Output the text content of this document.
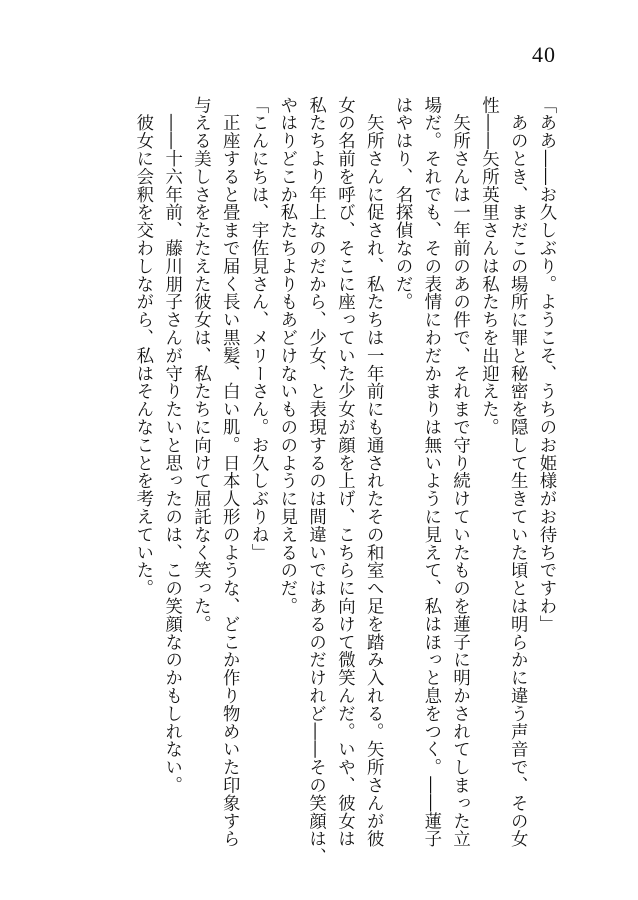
40
「ああ――お久しぶり。ようこそ、うちのお姫様がお待ちですわ」
　あのとき、まだこの場所に罪と秘密を隠して生きていた頃とは明らかに違う声音で、その女
性――矢所英里さんは私たちを出迎えた。
　矢所さんは一年前のあの件で、それまで守り続けていたものを蓮子に明かされてしまった立
場だ。それでも、その表情にわだかまりは無いように見えて、私はほっと息をつく。――蓮子
はやはり、名探偵なのだ。
　矢所さんに促され、私たちは一年前にも通されたその和室へ足を踏み入れる。矢所さんが彼
女の名前を呼び、そこに座っていた少女が顔を上げ、こちらに向けて微笑んだ。いや、彼女は
私たちより年上なのだから、少女、と表現するのは間違いではあるのだけれど――その笑顔は、
やはりどこか私たちよりもあどけないもののように見えるのだ。
「こんにちは、宇佐見さん、メリーさん。お久しぶりね」
　正座すると畳まで届く長い黒髪、白い肌。日本人形のような、どこか作り物めいた印象すら
与える美しさをたたえた彼女は、私たちに向けて屈託なく笑った。
　――十六年前、藤川朋子さんが守りたいと思ったのは、この笑顔なのかもしれない。
　彼女に会釈を交わしながら、私はそんなことを考えていた。
